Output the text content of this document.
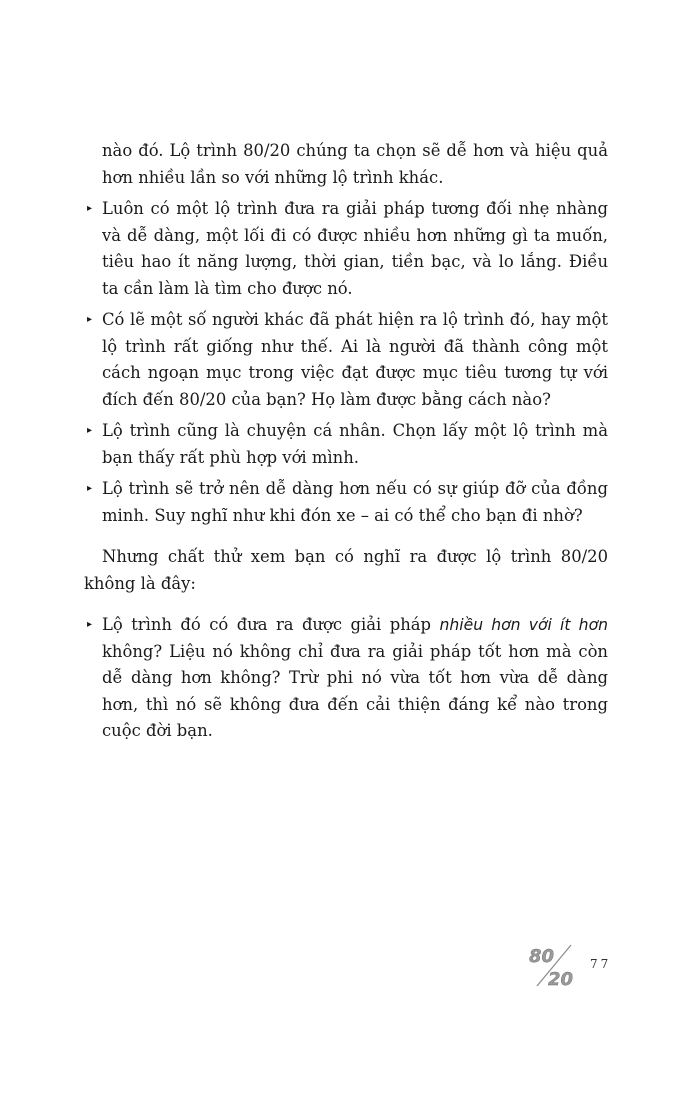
nào đó. Lộ trình 80/20 chúng ta chọn sẽ dễ hơn và hiệu quả hơn nhiều lần so với những lộ trình khác.
▸ Luôn có một lộ trình đưa ra giải pháp tương đối nhẹ nhàng và dễ dàng, một lối đi có được nhiều hơn những gì ta muốn, tiêu hao ít năng lượng, thời gian, tiền bạc, và lo lắng. Điều ta cần làm là tìm cho được nó.
▸ Có lẽ một số người khác đã phát hiện ra lộ trình đó, hay một lộ trình rất giống như thế. Ai là người đã thành công một cách ngoạn mục trong việc đạt được mục tiêu tương tự với đích đến 80/20 của bạn? Họ làm được bằng cách nào?
▸ Lộ trình cũng là chuyện cá nhân. Chọn lấy một lộ trình mà bạn thấy rất phù hợp với mình.
▸ Lộ trình sẽ trở nên dễ dàng hơn nếu có sự giúp đỡ của đồng minh. Suy nghĩ như khi đón xe – ai có thể cho bạn đi nhờ?
Nhưng chất thử xem bạn có nghĩ ra được lộ trình 80/20 không là đây:
▸ Lộ trình đó có đưa ra được giải pháp nhiều hơn với ít hơn không? Liệu nó không chỉ đưa ra giải pháp tốt hơn mà còn dễ dàng hơn không? Trừ phi nó vừa tốt hơn vừa dễ dàng hơn, thì nó sẽ không đưa đến cải thiện đáng kể nào trong cuộc đời bạn.
80
20
77
